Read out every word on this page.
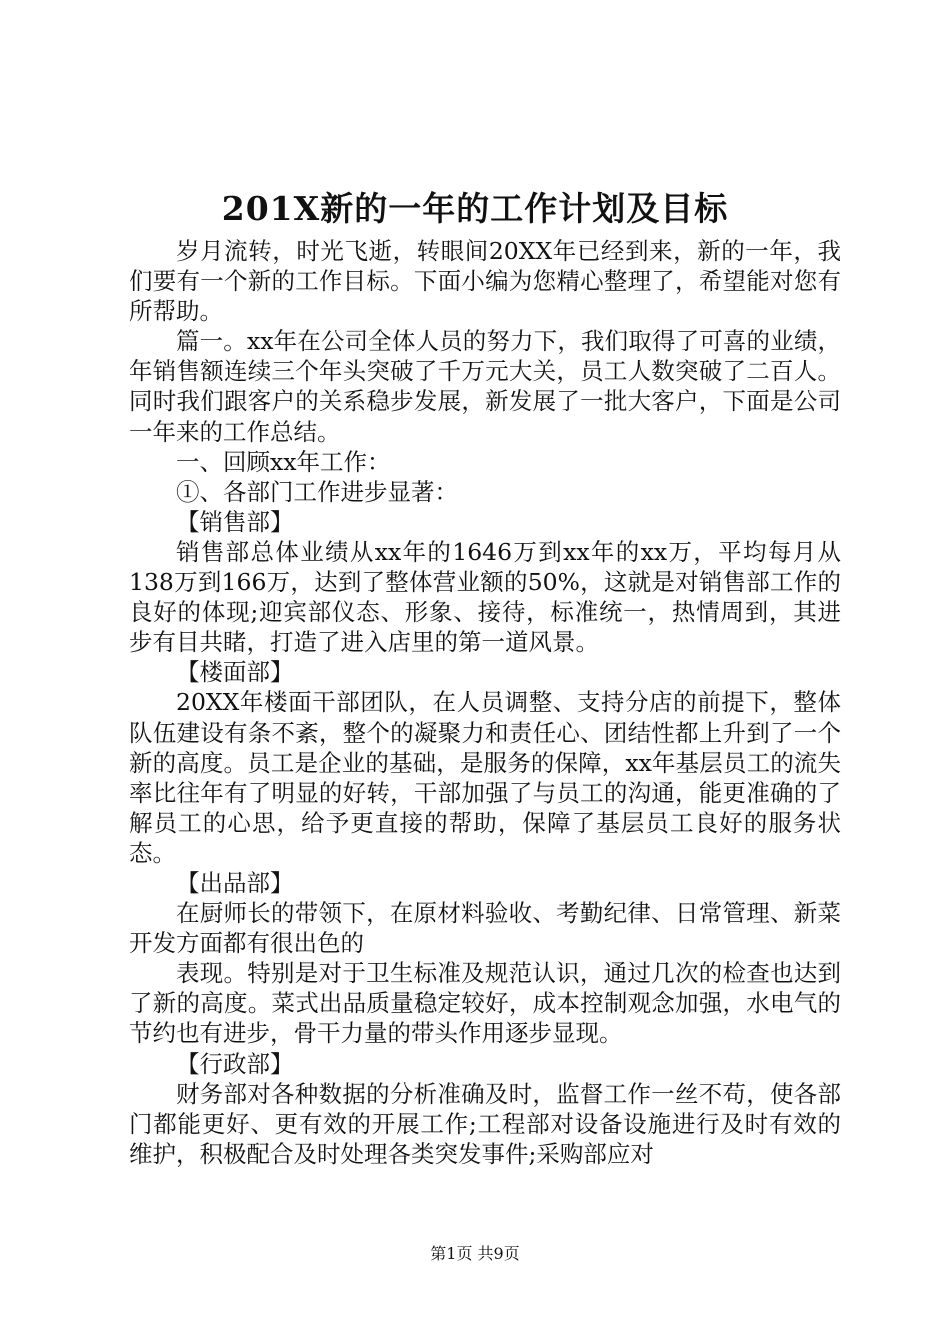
201X新的一年的工作计划及目标

岁月流转，时光飞逝，转眼间20XX年已经到来，新的一年，我们要有一个新的工作目标。下面小编为您精心整理了，希望能对您有所帮助。

篇一。xx年在公司全体人员的努力下，我们取得了可喜的业绩，年销售额连续三个年头突破了千万元大关，员工人数突破了二百人。同时我们跟客户的关系稳步发展，新发展了一批大客户，下面是公司一年来的工作总结。

一、回顾xx年工作：

①、各部门工作进步显著：

【销售部】

销售部总体业绩从xx年的1646万到xx年的xx万，平均每月从138万到166万，达到了整体营业额的50%，这就是对销售部工作的良好的体现;迎宾部仪态、形象、接待，标准统一，热情周到，其进步有目共睹，打造了进入店里的第一道风景。

【楼面部】

20XX年楼面干部团队，在人员调整、支持分店的前提下，整体队伍建设有条不紊，整个的凝聚力和责任心、团结性都上升到了一个新的高度。员工是企业的基础，是服务的保障，xx年基层员工的流失率比往年有了明显的好转，干部加强了与员工的沟通，能更准确的了解员工的心思，给予更直接的帮助，保障了基层员工良好的服务状态。

【出品部】

在厨师长的带领下，在原材料验收、考勤纪律、日常管理、新菜开发方面都有很出色的

表现。特别是对于卫生标准及规范认识，通过几次的检查也达到了新的高度。菜式出品质量稳定较好，成本控制观念加强，水电气的节约也有进步，骨干力量的带头作用逐步显现。

【行政部】

财务部对各种数据的分析准确及时，监督工作一丝不苟，使各部门都能更好、更有效的开展工作;工程部对设备设施进行及时有效的维护，积极配合及时处理各类突发事件;采购部应对

第1页 共9页
